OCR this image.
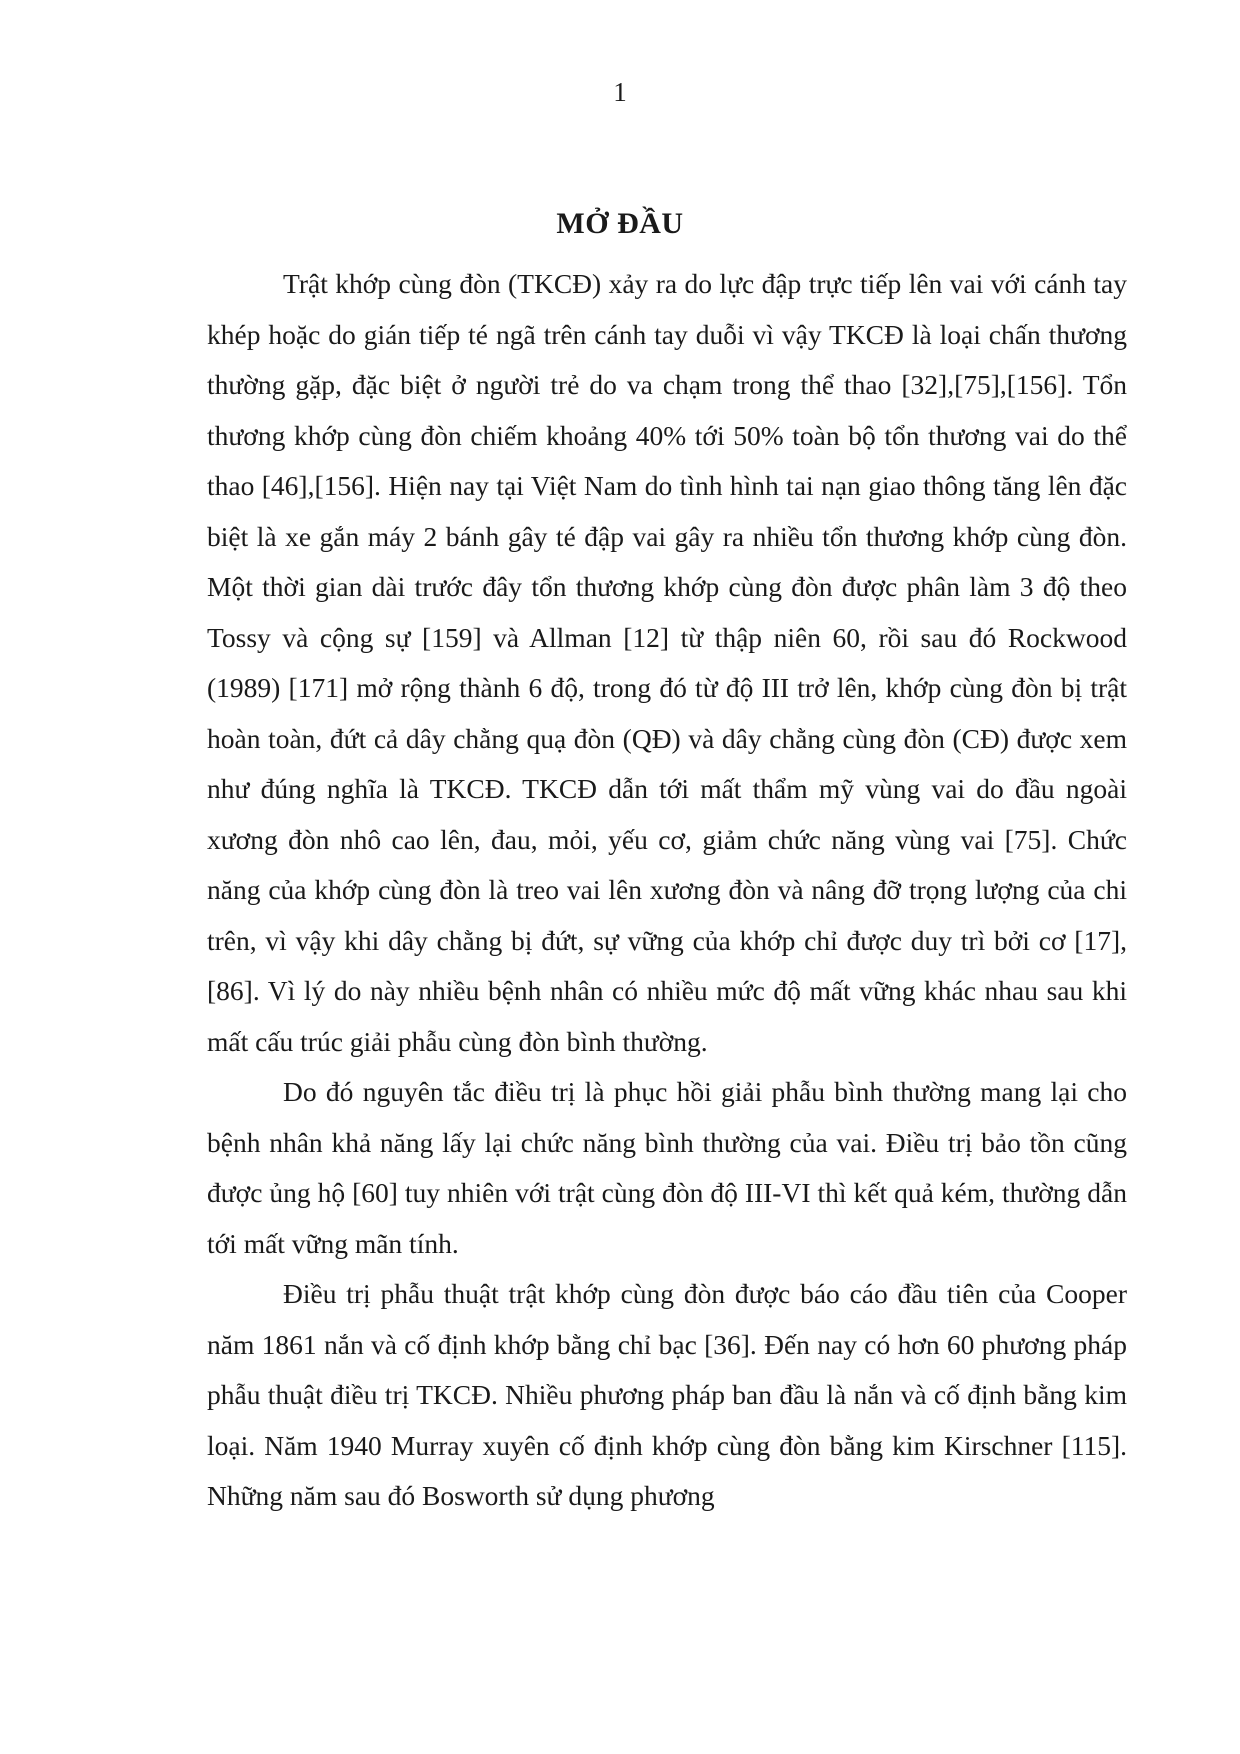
1
MỞ ĐẦU

Trật khớp cùng đòn (TKCĐ) xảy ra do lực đập trực tiếp lên vai với cánh tay khép hoặc do gián tiếp té ngã trên cánh tay duỗi vì vậy TKCĐ là loại chấn thương thường gặp, đặc biệt ở người trẻ do va chạm trong thể thao [32],[75],[156]. Tổn thương khớp cùng đòn chiếm khoảng 40% tới 50% toàn bộ tổn thương vai do thể thao [46],[156]. Hiện nay tại Việt Nam do tình hình tai nạn giao thông tăng lên đặc biệt là xe gắn máy 2 bánh gây té đập vai gây ra nhiều tổn thương khớp cùng đòn. Một thời gian dài trước đây tổn thương khớp cùng đòn được phân làm 3 độ theo Tossy và cộng sự [159] và Allman [12] từ thập niên 60, rồi sau đó Rockwood (1989) [171] mở rộng thành 6 độ, trong đó từ độ III trở lên, khớp cùng đòn bị trật hoàn toàn, đứt cả dây chằng quạ đòn (QĐ) và dây chằng cùng đòn (CĐ) được xem như đúng nghĩa là TKCĐ. TKCĐ dẫn tới mất thẩm mỹ vùng vai do đầu ngoài xương đòn nhô cao lên, đau, mỏi, yếu cơ, giảm chức năng vùng vai [75]. Chức năng của khớp cùng đòn là treo vai lên xương đòn và nâng đỡ trọng lượng của chi trên, vì vậy khi dây chằng bị đứt, sự vững của khớp chỉ được duy trì bởi cơ [17],[86]. Vì lý do này nhiều bệnh nhân có nhiều mức độ mất vững khác nhau sau khi mất cấu trúc giải phẫu cùng đòn bình thường.

Do đó nguyên tắc điều trị là phục hồi giải phẫu bình thường mang lại cho bệnh nhân khả năng lấy lại chức năng bình thường của vai. Điều trị bảo tồn cũng được ủng hộ [60] tuy nhiên với trật cùng đòn độ III-VI thì kết quả kém, thường dẫn tới mất vững mãn tính.

Điều trị phẫu thuật trật khớp cùng đòn được báo cáo đầu tiên của Cooper năm 1861 nắn và cố định khớp bằng chỉ bạc [36]. Đến nay có hơn 60 phương pháp phẫu thuật điều trị TKCĐ. Nhiều phương pháp ban đầu là nắn và cố định bằng kim loại. Năm 1940 Murray xuyên cố định khớp cùng đòn bằng kim Kirschner [115]. Những năm sau đó Bosworth sử dụng phương
